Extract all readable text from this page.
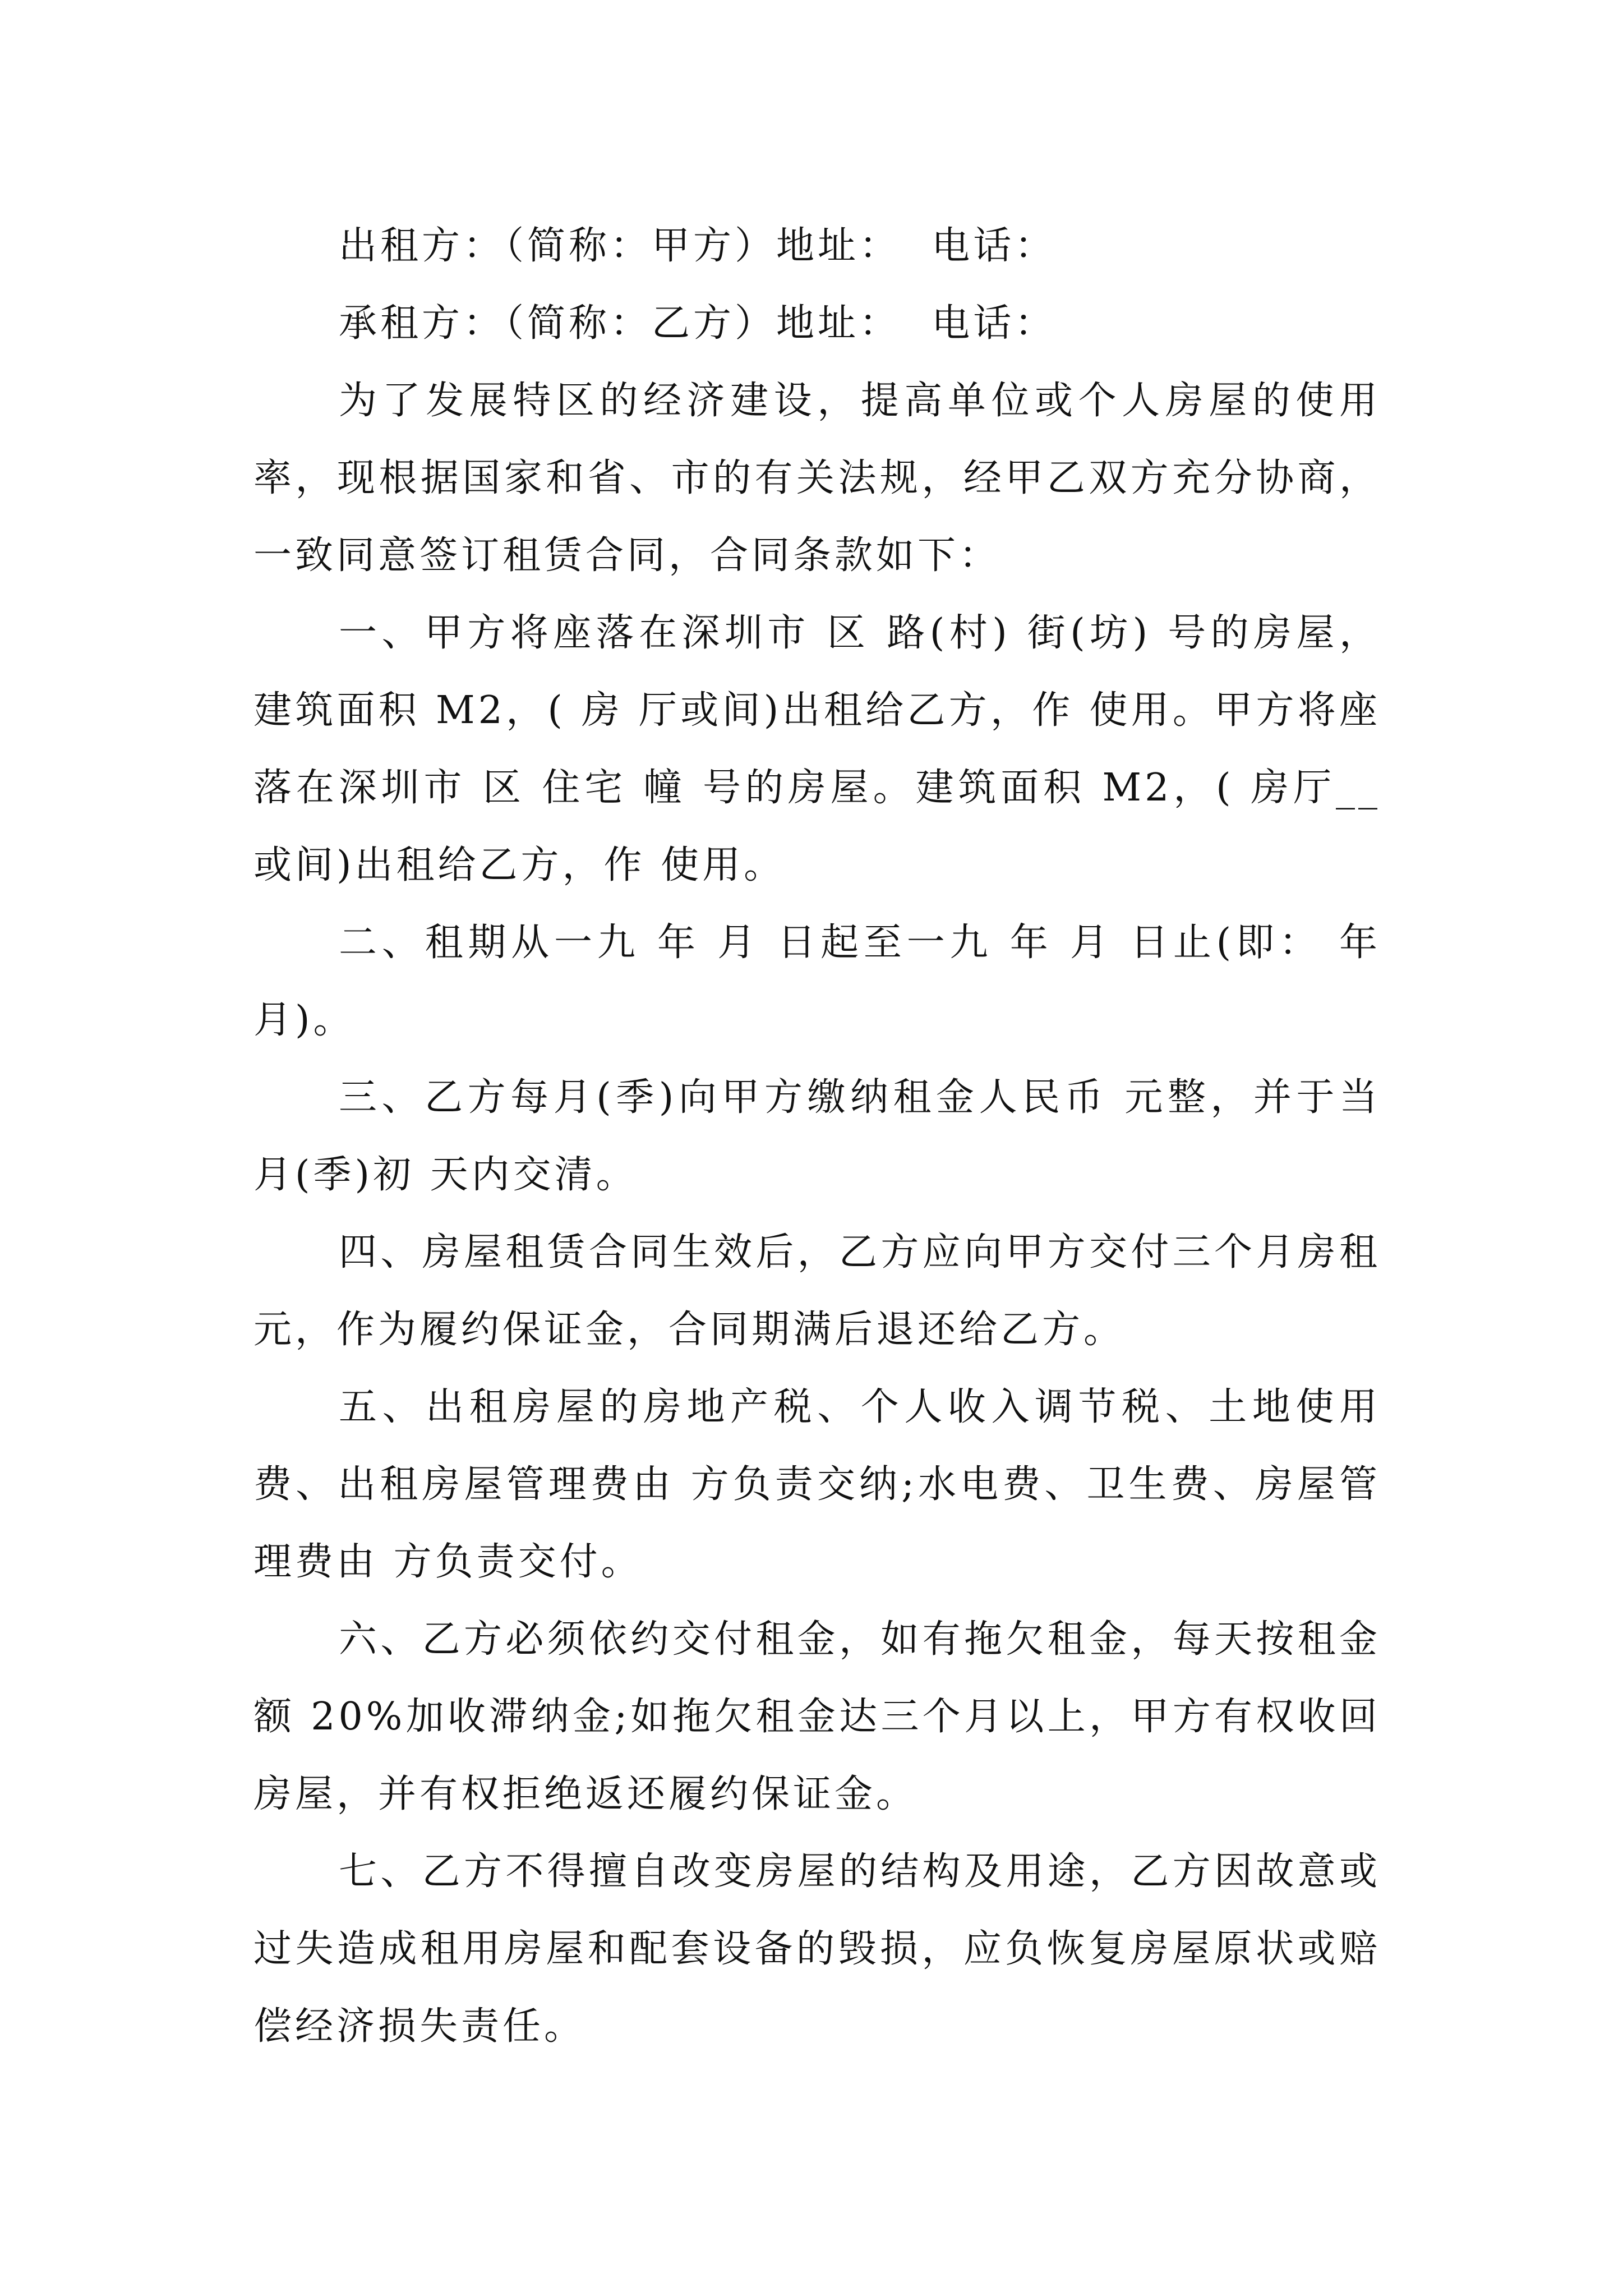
出租方：（简称：甲方）地址：  电话：

承租方：（简称：乙方）地址：  电话：

为了发展特区的经济建设，提高单位或个人房屋的使用率，现根据国家和省、市的有关法规，经甲乙双方充分协商，一致同意签订租赁合同，合同条款如下：

一、甲方将座落在深圳市 区 路(村) 街(坊) 号的房屋，建筑面积 M2，( 房 厅或间)出租给乙方，作 使用。甲方将座落在深圳市 区 住宅 幢 号的房屋。建筑面积 M2，( 房厅__或间)出租给乙方，作 使用。

二、租期从一九 年 月 日起至一九 年 月 日止(即： 年 月)。

三、乙方每月(季)向甲方缴纳租金人民币 元整，并于当月(季)初 天内交清。

四、房屋租赁合同生效后，乙方应向甲方交付三个月房租 元，作为履约保证金，合同期满后退还给乙方。

五、出租房屋的房地产税、个人收入调节税、土地使用费、出租房屋管理费由 方负责交纳;水电费、卫生费、房屋管理费由 方负责交付。

六、乙方必须依约交付租金，如有拖欠租金，每天按租金额 20%加收滞纳金;如拖欠租金达三个月以上，甲方有权收回房屋，并有权拒绝返还履约保证金。

七、乙方不得擅自改变房屋的结构及用途，乙方因故意或过失造成租用房屋和配套设备的毁损，应负恢复房屋原状或赔偿经济损失责任。
